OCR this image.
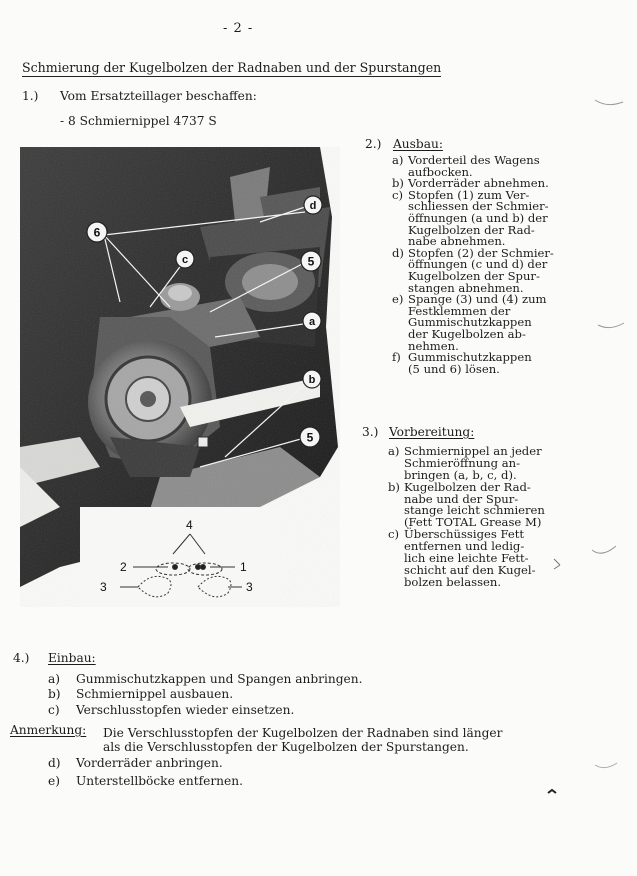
- 2 -
Schmierung der Kugelbolzen der Radnaben und der Spurstangen
1.) Vom Ersatzteillager beschaffen:
- 8 Schmiernippel 4737 S
6
d
c	5
a
b
5
4
2	1
3	3
2.) Ausbau:
a) Vorderteil des Wagens
aufbocken.
b) Vorderräder abnehmen.
c) Stopfen (1) zum Ver-
schliessen der Schmier-
öffnungen (a und b) der
Kugelbolzen der Rad-
nabe abnehmen.
d) Stopfen (2) der Schmier-
öffnungen (c und d) der
Kugelbolzen der Spur-
stangen abnehmen.
e) Spange (3) und (4) zum
Festklemmen der
Gummischutzkappen
der Kugelbolzen ab-
nehmen.
f) Gummischutzkappen
(5 und 6) lösen.
3.) Vorbereitung:
a) Schmiernippel an jeder
Schmieröffnung an-
bringen (a, b, c, d).
b) Kugelbolzen der Rad-
nabe und der Spur-
stange leicht schmieren
(Fett TOTAL Grease M)
c) Überschüssiges Fett
entfernen und ledig-
lich eine leichte Fett-
schicht auf den Kugel-
bolzen belassen.
4.) Einbau:
a) Gummischutzkappen und Spangen anbringen.
b) Schmiernippel ausbauen.
c) Verschlusstopfen wieder einsetzen.
Anmerkung: Die Verschlusstopfen der Kugelbolzen der Radnaben sind länger
als die Verschlusstopfen der Kugelbolzen der Spurstangen.
d) Vorderräder anbringen.
e) Unterstellböcke entfernen.
